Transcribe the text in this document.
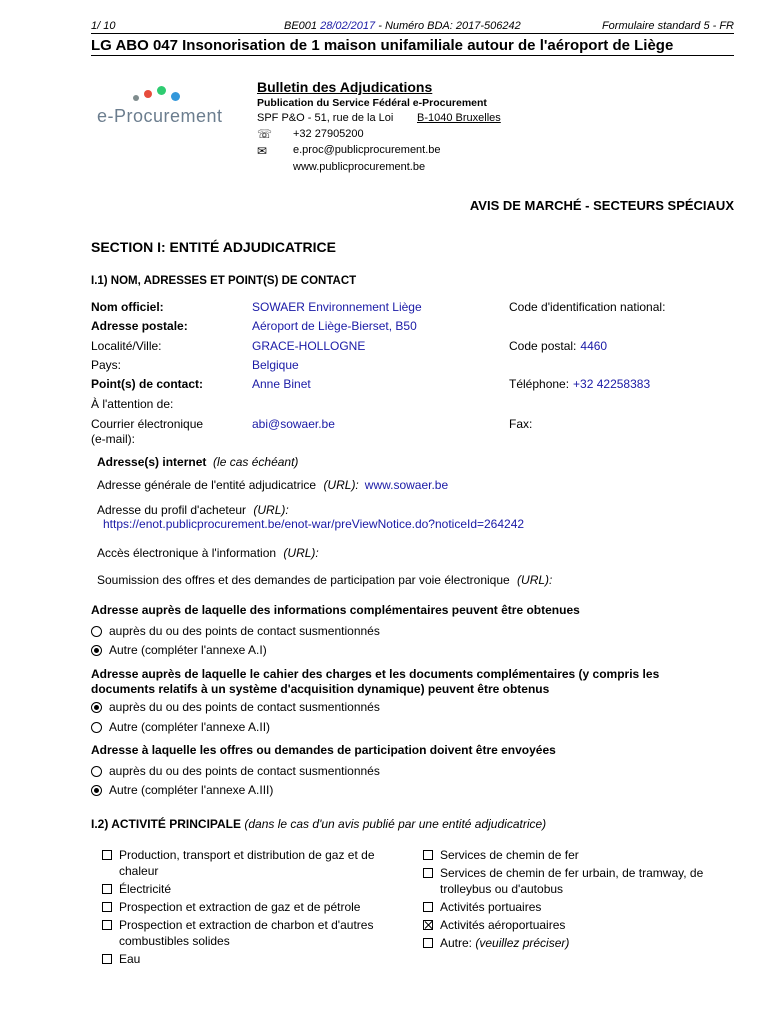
1/ 10	BE001 28/02/2017 - Numéro BDA: 2017-506242	Formulaire standard 5 - FR
LG ABO 047 Insonorisation de 1 maison unifamiliale autour de l'aéroport de Liège
e-Procurement
Bulletin des Adjudications
Publication du Service Fédéral e-Procurement
SPF P&O - 51, rue de la Loi B-1040 Bruxelles
☏ +32 27905200
✉ e.proc@publicprocurement.be
www.publicprocurement.be
AVIS DE MARCHÉ - SECTEURS SPÉCIAUX
SECTION I: ENTITÉ ADJUDICATRICE
I.1) NOM, ADRESSES ET POINT(S) DE CONTACT
Nom officiel:	SOWAER Environnement Liège	Code d'identification national:
Adresse postale:	Aéroport de Liège-Bierset, B50
Localité/Ville:	GRACE-HOLLOGNE	Code postal: 4460
Pays:	Belgique
Point(s) de contact:	Anne Binet	Téléphone: +32 42258383
À l'attention de:
Courrier électronique
(e-mail):
abi@sowaer.be	Fax:
Adresse(s) internet (le cas échéant)
Adresse générale de l'entité adjudicatrice (URL): www.sowaer.be
Adresse du profil d'acheteur (URL):
https://enot.publicprocurement.be/enot-war/preViewNotice.do?noticeId=264242
Accès électronique à l'information (URL):
Soumission des offres et des demandes de participation par voie électronique (URL):
Adresse auprès de laquelle des informations complémentaires peuvent être obtenues
auprès du ou des points de contact susmentionnés
Autre (compléter l'annexe A.I)
Adresse auprès de laquelle le cahier des charges et les documents complémentaires (y compris les
documents relatifs à un système d'acquisition dynamique) peuvent être obtenus
auprès du ou des points de contact susmentionnés
Autre (compléter l'annexe A.II)
Adresse à laquelle les offres ou demandes de participation doivent être envoyées
auprès du ou des points de contact susmentionnés
Autre (compléter l'annexe A.III)
I.2) ACTIVITÉ PRINCIPALE (dans le cas d'un avis publié par une entité adjudicatrice)
Production, transport et distribution de gaz et de chaleur
Électricité
Prospection et extraction de gaz et de pétrole
Prospection et extraction de charbon et d'autres combustibles solides
Eau
Services de chemin de fer
Services de chemin de fer urbain, de tramway, de trolleybus ou d'autobus
Activités portuaires
Activités aéroportuaires
Autre:
(veuillez préciser)
